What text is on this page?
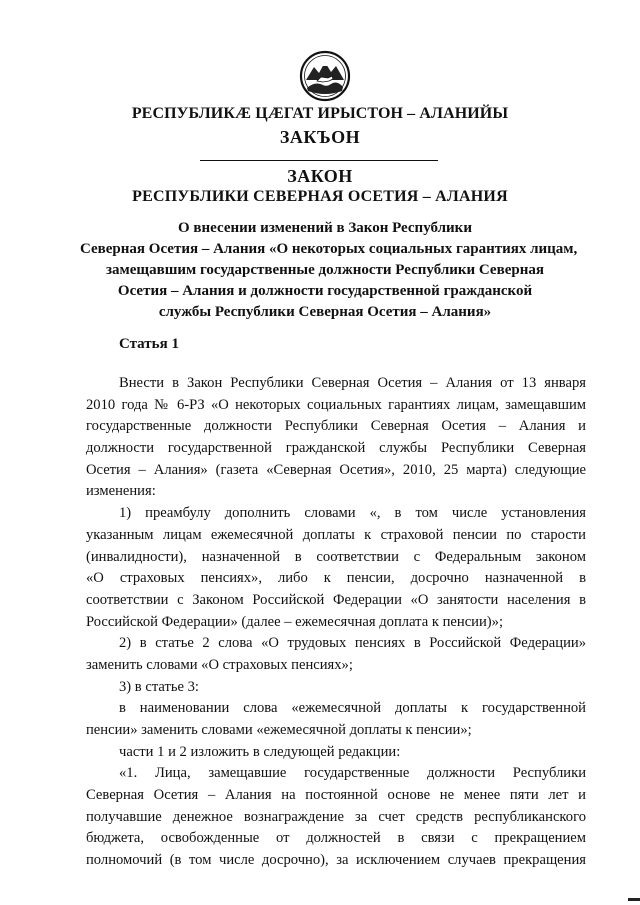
РЕСПУБЛИКÆ ЦÆГАТ ИРЫСТОН – АЛАНИЙЫ
ЗАКЪОН
ЗАКОН
РЕСПУБЛИКИ СЕВЕРНАЯ ОСЕТИЯ – АЛАНИЯ
О внесении изменений в Закон Республики
Северная Осетия – Алания «О некоторых социальных гарантиях лицам,
замещавшим государственные должности Республики Северная
Осетия – Алания и должности государственной гражданской
службы Республики Северная Осетия – Алания»
Статья 1
Внести в Закон Республики Северная Осетия – Алания от 13 января
2010 года № 6-РЗ «О некоторых социальных гарантиях лицам, замещавшим
государственные должности Республики Северная Осетия – Алания и
должности государственной гражданской службы Республики Северная
Осетия – Алания» (газета «Северная Осетия», 2010, 25 марта) следующие
изменения:
1) преамбулу дополнить словами «, в том числе установления
указанным лицам ежемесячной доплаты к страховой пенсии по старости
(инвалидности), назначенной в соответствии с Федеральным законом
«О страховых пенсиях», либо к пенсии, досрочно назначенной в
соответствии с Законом Российской Федерации «О занятости населения в
Российской Федерации» (далее – ежемесячная доплата к пенсии)»;
2) в статье 2 слова «О трудовых пенсиях в Российской Федерации»
заменить словами «О страховых пенсиях»;
3) в статье 3:
в наименовании слова «ежемесячной доплаты к государственной
пенсии» заменить словами «ежемесячной доплаты к пенсии»;
части 1 и 2 изложить в следующей редакции:
«1. Лица, замещавшие государственные должности Республики
Северная Осетия – Алания на постоянной основе не менее пяти лет и
получавшие денежное вознаграждение за счет средств республиканского
бюджета, освобожденные от должностей в связи с прекращением
полномочий (в том числе досрочно), за исключением случаев прекращения
